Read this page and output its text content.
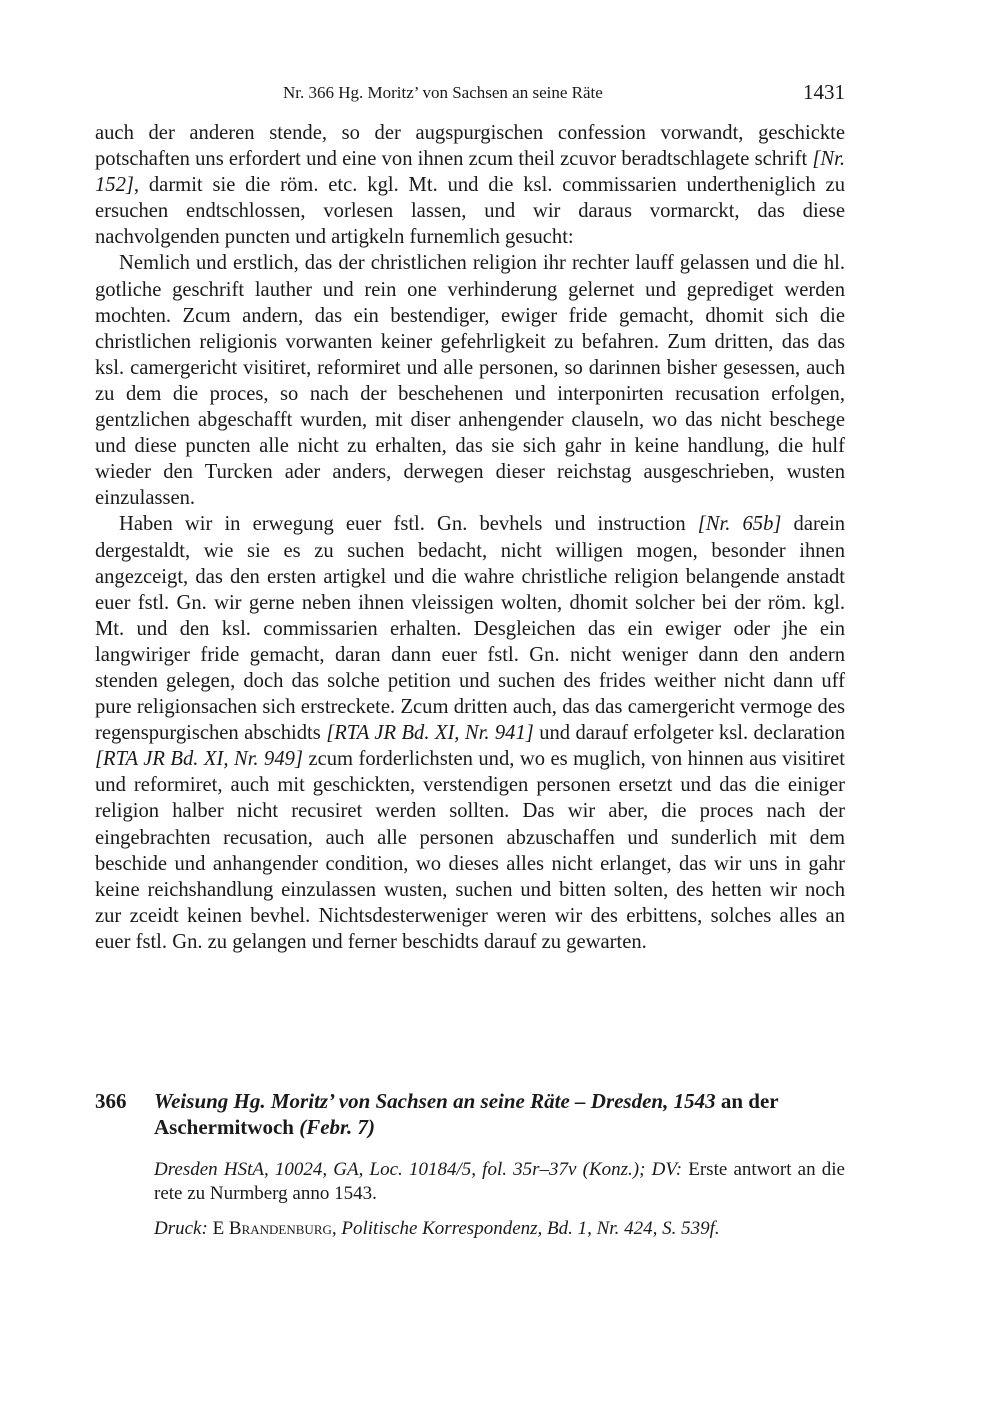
Nr. 366 Hg. Moritz’ von Sachsen an seine Räte	1431

auch der anderen stende, so der augspurgischen confession vorwandt, geschickte potschaften uns erfordert und eine von ihnen zcum theil zcuvor beradtschlagete schrift [Nr. 152], darmit sie die röm. etc. kgl. Mt. und die ksl. commissarien undertheniglich zu ersuchen endtschlossen, vorlesen lassen, und wir daraus vormarckt, das diese nachvolgenden puncten und artigkeln furnemlich gesucht:

Nemlich und erstlich, das der christlichen religion ihr rechter lauff gelassen und die hl. gotliche geschrift lauther und rein one verhinderung gelernet und geprediget werden mochten. Zcum andern, das ein bestendiger, ewiger fride gemacht, dhomit sich die christlichen religionis vorwanten keiner gefehrligkeit zu befahren. Zum dritten, das das ksl. camergericht visitiret, reformiret und alle personen, so darinnen bisher gesessen, auch zu dem die proces, so nach der beschehenen und interponirten recusation erfolgen, gentzlichen abgeschafft wurden, mit diser anhengender clauseln, wo das nicht beschege und diese puncten alle nicht zu erhalten, das sie sich gahr in keine handlung, die hulf wieder den Turcken ader anders, derwegen dieser reichstag ausgeschrieben, wusten einzulassen.

Haben wir in erwegung euer fstl. Gn. bevhels und instruction [Nr. 65b] darein dergestaldt, wie sie es zu suchen bedacht, nicht willigen mogen, besonder ihnen angezceigt, das den ersten artigkel und die wahre christliche religion belangende anstadt euer fstl. Gn. wir gerne neben ihnen vleissigen wolten, dhomit solcher bei der röm. kgl. Mt. und den ksl. commissarien erhalten. Desgleichen das ein ewiger oder jhe ein langwiriger fride gemacht, daran dann euer fstl. Gn. nicht weniger dann den andern stenden gelegen, doch das solche petition und suchen des frides weither nicht dann uff pure religionsachen sich erstreckete. Zcum dritten auch, das das camergericht vermoge des regenspurgischen abschidts [RTA JR Bd. XI, Nr. 941] und darauf erfolgeter ksl. declaration [RTA JR Bd. XI, Nr. 949] zcum forderlichsten und, wo es muglich, von hinnen aus visitiret und reformiret, auch mit geschickten, verstendigen personen ersetzt und das die einiger religion halber nicht recusiret werden sollten. Das wir aber, die proces nach der eingebrachten recusation, auch alle personen abzuschaffen und sunderlich mit dem beschide und anhangender condition, wo dieses alles nicht erlanget, das wir uns in gahr keine reichshandlung einzulassen wusten, suchen und bitten solten, des hetten wir noch zur zceidt keinen bevhel. Nichtsdesterweniger weren wir des erbittens, solches alles an euer fstl. Gn. zu gelangen und ferner beschidts darauf zu gewarten.

366 Weisung Hg. Moritz’ von Sachsen an seine Räte – Dresden, 1543 an der Aschermitwoch (Febr. 7)

Dresden HStA, 10024, GA, Loc. 10184/5, fol. 35r–37v (Konz.); DV: Erste antwort an die rete zu Nurmberg anno 1543.

Druck: E Brandenburg, Politische Korrespondenz, Bd. 1, Nr. 424, S. 539f.
